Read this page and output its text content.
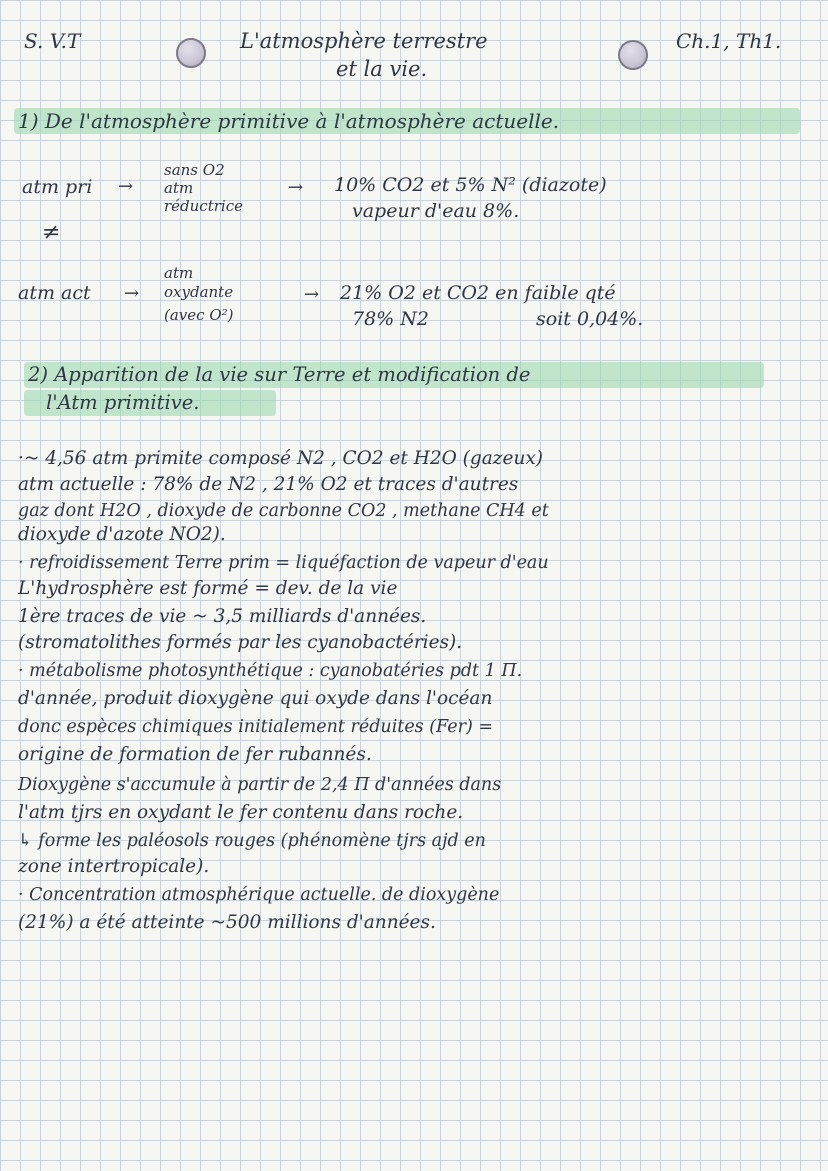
S. V.T	L'atmosphère terrestre
et la vie.
Ch.1, Th1.
1) De l'atmosphère primitive à l'atmosphère actuelle.
atm pri →
sans O2
atm
réductrice
→ 10% CO2 et 5% N² (diazote)
vapeur d'eau 8%.
≠
atm act →
atm
oxydante
(avec O²)
→ 21% O2 et CO2 en faible qté
78% N2	soit 0,04%.
2) Apparition de la vie sur Terre et modification de
l'Atm primitive.
·~ 4,56 atm primite composé N2 , CO2 et H2O (gazeux)
atm actuelle : 78% de N2 , 21% O2 et traces d'autres
gaz dont H2O , dioxyde de carbonne CO2 , methane CH4 et
dioxyde d'azote NO2).
· refroidissement Terre prim = liquéfaction de vapeur d'eau
L'hydrosphère est formé = dev. de la vie
1ère traces de vie ~ 3,5 milliards d'années.
(stromatolithes formés par les cyanobactéries).
· métabolisme photosynthétique : cyanobatéries pdt 1 Π.
d'année, produit dioxygène qui oxyde dans l'océan
donc espèces chimiques initialement réduites (Fer) =
origine de formation de fer rubannés.
Dioxygène s'accumule à partir de 2,4 Π d'années dans
l'atm tjrs en oxydant le fer contenu dans roche.
↳ forme les paléosols rouges (phénomène tjrs ajd en
zone intertropicale).
· Concentration atmosphérique actuelle. de dioxygène
(21%) a été atteinte ~500 millions d'années.
